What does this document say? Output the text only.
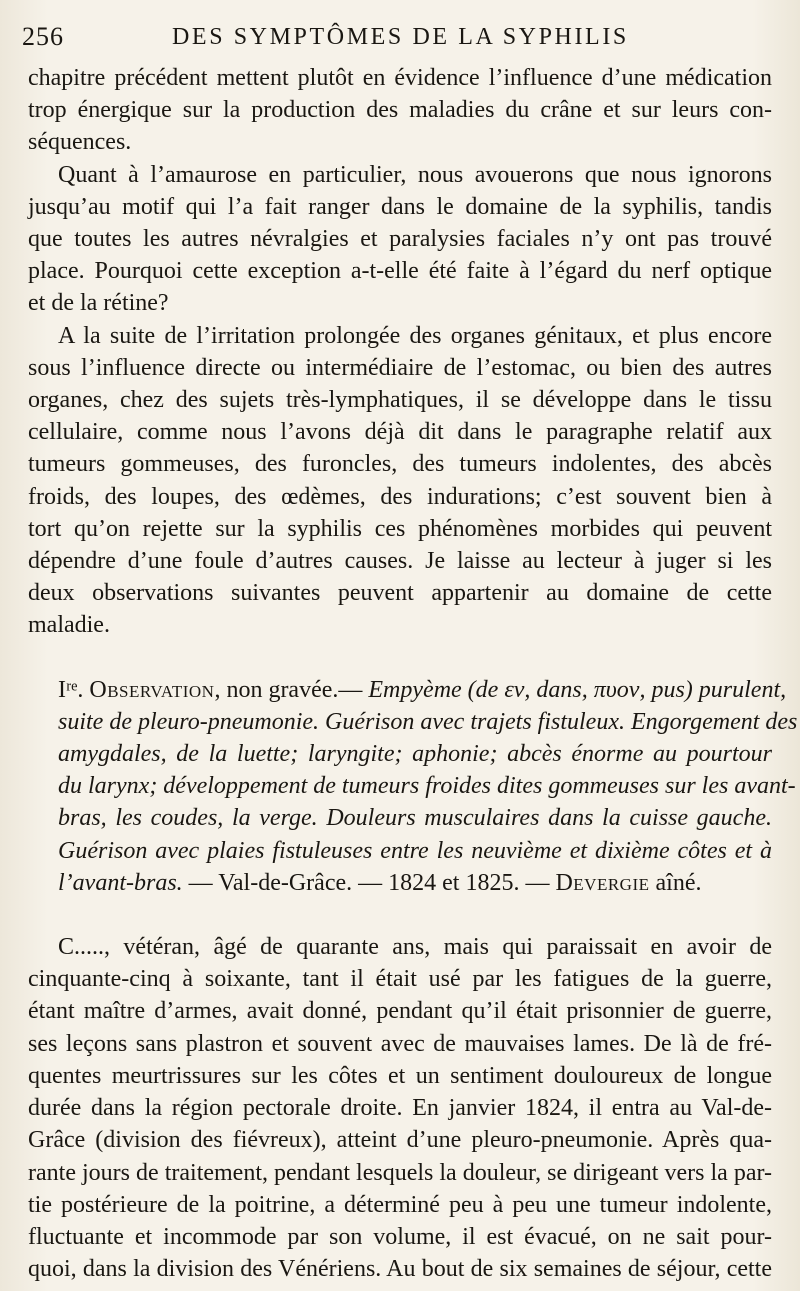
256	DES SYMPTÔMES DE LA SYPHILIS
chapitre précédent mettent plutôt en évidence l’influence d’une médication
trop énergique sur la production des maladies du crâne et sur leurs con-
séquences.
Quant à l’amaurose en particulier, nous avouerons que nous ignorons
jusqu’au motif qui l’a fait ranger dans le domaine de la syphilis, tandis
que toutes les autres névralgies et paralysies faciales n’y ont pas trouvé
place. Pourquoi cette exception a-t-elle été faite à l’égard du nerf optique
et de la rétine?
A la suite de l’irritation prolongée des organes génitaux, et plus encore
sous l’influence directe ou intermédiaire de l’estomac, ou bien des autres
organes, chez des sujets très-lymphatiques, il se développe dans le tissu
cellulaire, comme nous l’avons déjà dit dans le paragraphe relatif aux
tumeurs gommeuses, des furoncles, des tumeurs indolentes, des abcès
froids, des loupes, des œdèmes, des indurations; c’est souvent bien à
tort qu’on rejette sur la syphilis ces phénomènes morbides qui peuvent
dépendre d’une foule d’autres causes. Je laisse au lecteur à juger si les
deux observations suivantes peuvent appartenir au domaine de cette
maladie.
Iʳᵉ. Observation, non gravée.— Empyème (de εν, dans, πυον, pus) purulent,
suite de pleuro-pneumonie. Guérison avec trajets fistuleux. Engorgement des
amygdales, de la luette; laryngite; aphonie; abcès énorme au pourtour
du larynx; développement de tumeurs froides dites gommeuses sur les avant-
bras, les coudes, la verge. Douleurs musculaires dans la cuisse gauche.
Guérison avec plaies fistuleuses entre les neuvième et dixième côtes et à
l’avant-bras. — Val-de-Grâce. — 1824 et 1825. — Devergie aîné.
C....., vétéran, âgé de quarante ans, mais qui paraissait en avoir de
cinquante-cinq à soixante, tant il était usé par les fatigues de la guerre,
étant maître d’armes, avait donné, pendant qu’il était prisonnier de guerre,
ses leçons sans plastron et souvent avec de mauvaises lames. De là de fré-
quentes meurtrissures sur les côtes et un sentiment douloureux de longue
durée dans la région pectorale droite. En janvier 1824, il entra au Val-de-
Grâce (division des fiévreux), atteint d’une pleuro-pneumonie. Après qua-
rante jours de traitement, pendant lesquels la douleur, se dirigeant vers la par-
tie postérieure de la poitrine, a déterminé peu à peu une tumeur indolente,
fluctuante et incommode par son volume, il est évacué, on ne sait pour-
quoi, dans la division des Vénériens. Au bout de six semaines de séjour, cette
